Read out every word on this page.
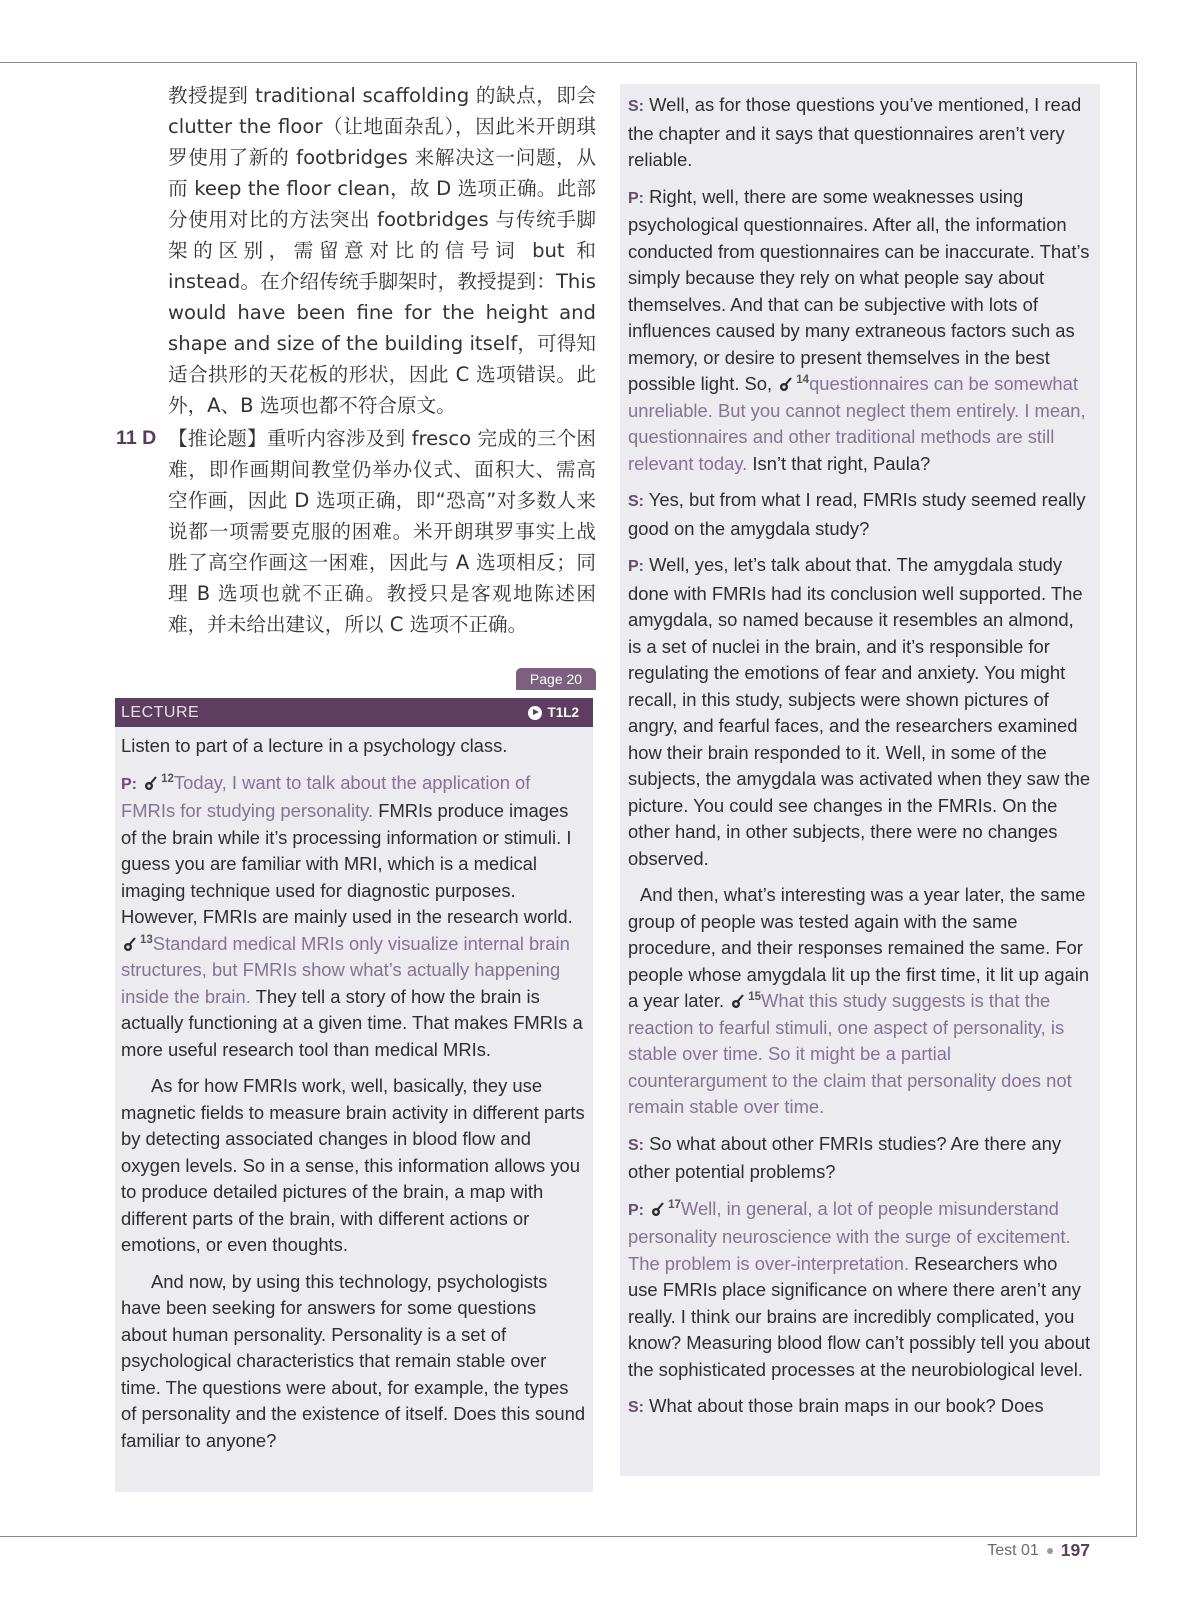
教授提到 traditional scaffolding 的缺点，即会 clutter the floor（让地面杂乱），因此米开朗琪罗使用了新的 footbridges 来解决这一问题，从而 keep the floor clean，故 D 选项正确。此部分使用对比的方法突出 footbridges 与传统手脚架的区别，需留意对比的信号词 but 和 instead。在介绍传统手脚架时，教授提到：This would have been fine for the height and shape and size of the building itself，可得知适合拱形的天花板的形状，因此 C 选项错误。此外，A、B 选项也都不符合原文。

11 D 【推论题】重听内容涉及到 fresco 完成的三个困难，即作画期间教堂仍举办仪式、面积大、需高空作画，因此 D 选项正确，即“恐高”对多数人来说都一项需要克服的困难。米开朗琪罗事实上战胜了高空作画这一困难，因此与 A 选项相反；同理 B 选项也就不正确。教授只是客观地陈述困难，并未给出建议，所以 C 选项不正确。

Page 20
LECTURE	T1L2

Listen to part of a lecture in a psychology class.

P: $^{12}$Today, I want to talk about the application of FMRIs for studying personality. FMRIs produce images of the brain while it’s processing information or stimuli. I guess you are familiar with MRI, which is a medical imaging technique used for diagnostic purposes. However, FMRIs are mainly used in the research world. $^{13}$Standard medical MRIs only visualize internal brain structures, but FMRIs show what’s actually happening inside the brain. They tell a story of how the brain is actually functioning at a given time. That makes FMRIs a more useful research tool than medical MRIs.

As for how FMRIs work, well, basically, they use magnetic fields to measure brain activity in different parts by detecting associated changes in blood flow and oxygen levels. So in a sense, this information allows you to produce detailed pictures of the brain, a map with different parts of the brain, with different actions or emotions, or even thoughts.

And now, by using this technology, psychologists have been seeking for answers for some questions about human personality. Personality is a set of psychological characteristics that remain stable over time. The questions were about, for example, the types of personality and the existence of itself. Does this sound familiar to anyone?

S: Well, as for those questions you’ve mentioned, I read the chapter and it says that questionnaires aren’t very reliable.

P: Right, well, there are some weaknesses using psychological questionnaires. After all, the information conducted from questionnaires can be inaccurate. That’s simply because they rely on what people say about themselves. And that can be subjective with lots of influences caused by many extraneous factors such as memory, or desire to present themselves in the best possible light. So, $^{14}$questionnaires can be somewhat unreliable. But you cannot neglect them entirely. I mean, questionnaires and other traditional methods are still relevant today. Isn’t that right, Paula?

S: Yes, but from what I read, FMRIs study seemed really good on the amygdala study?

P: Well, yes, let’s talk about that. The amygdala study done with FMRIs had its conclusion well supported. The amygdala, so named because it resembles an almond, is a set of nuclei in the brain, and it’s responsible for regulating the emotions of fear and anxiety. You might recall, in this study, subjects were shown pictures of angry, and fearful faces, and the researchers examined how their brain responded to it. Well, in some of the subjects, the amygdala was activated when they saw the picture. You could see changes in the FMRIs. On the other hand, in other subjects, there were no changes observed.

And then, what’s interesting was a year later, the same group of people was tested again with the same procedure, and their responses remained the same. For people whose amygdala lit up the first time, it lit up again a year later. $^{15}$What this study suggests is that the reaction to fearful stimuli, one aspect of personality, is stable over time. So it might be a partial counterargument to the claim that personality does not remain stable over time.

S: So what about other FMRIs studies? Are there any other potential problems?

P: $^{17}$Well, in general, a lot of people misunderstand personality neuroscience with the surge of excitement. The problem is over-interpretation. Researchers who use FMRIs place significance on where there aren’t any really. I think our brains are incredibly complicated, you know? Measuring blood flow can’t possibly tell you about the sophisticated processes at the neurobiological level.

S: What about those brain maps in our book? Does

Test 01 197
